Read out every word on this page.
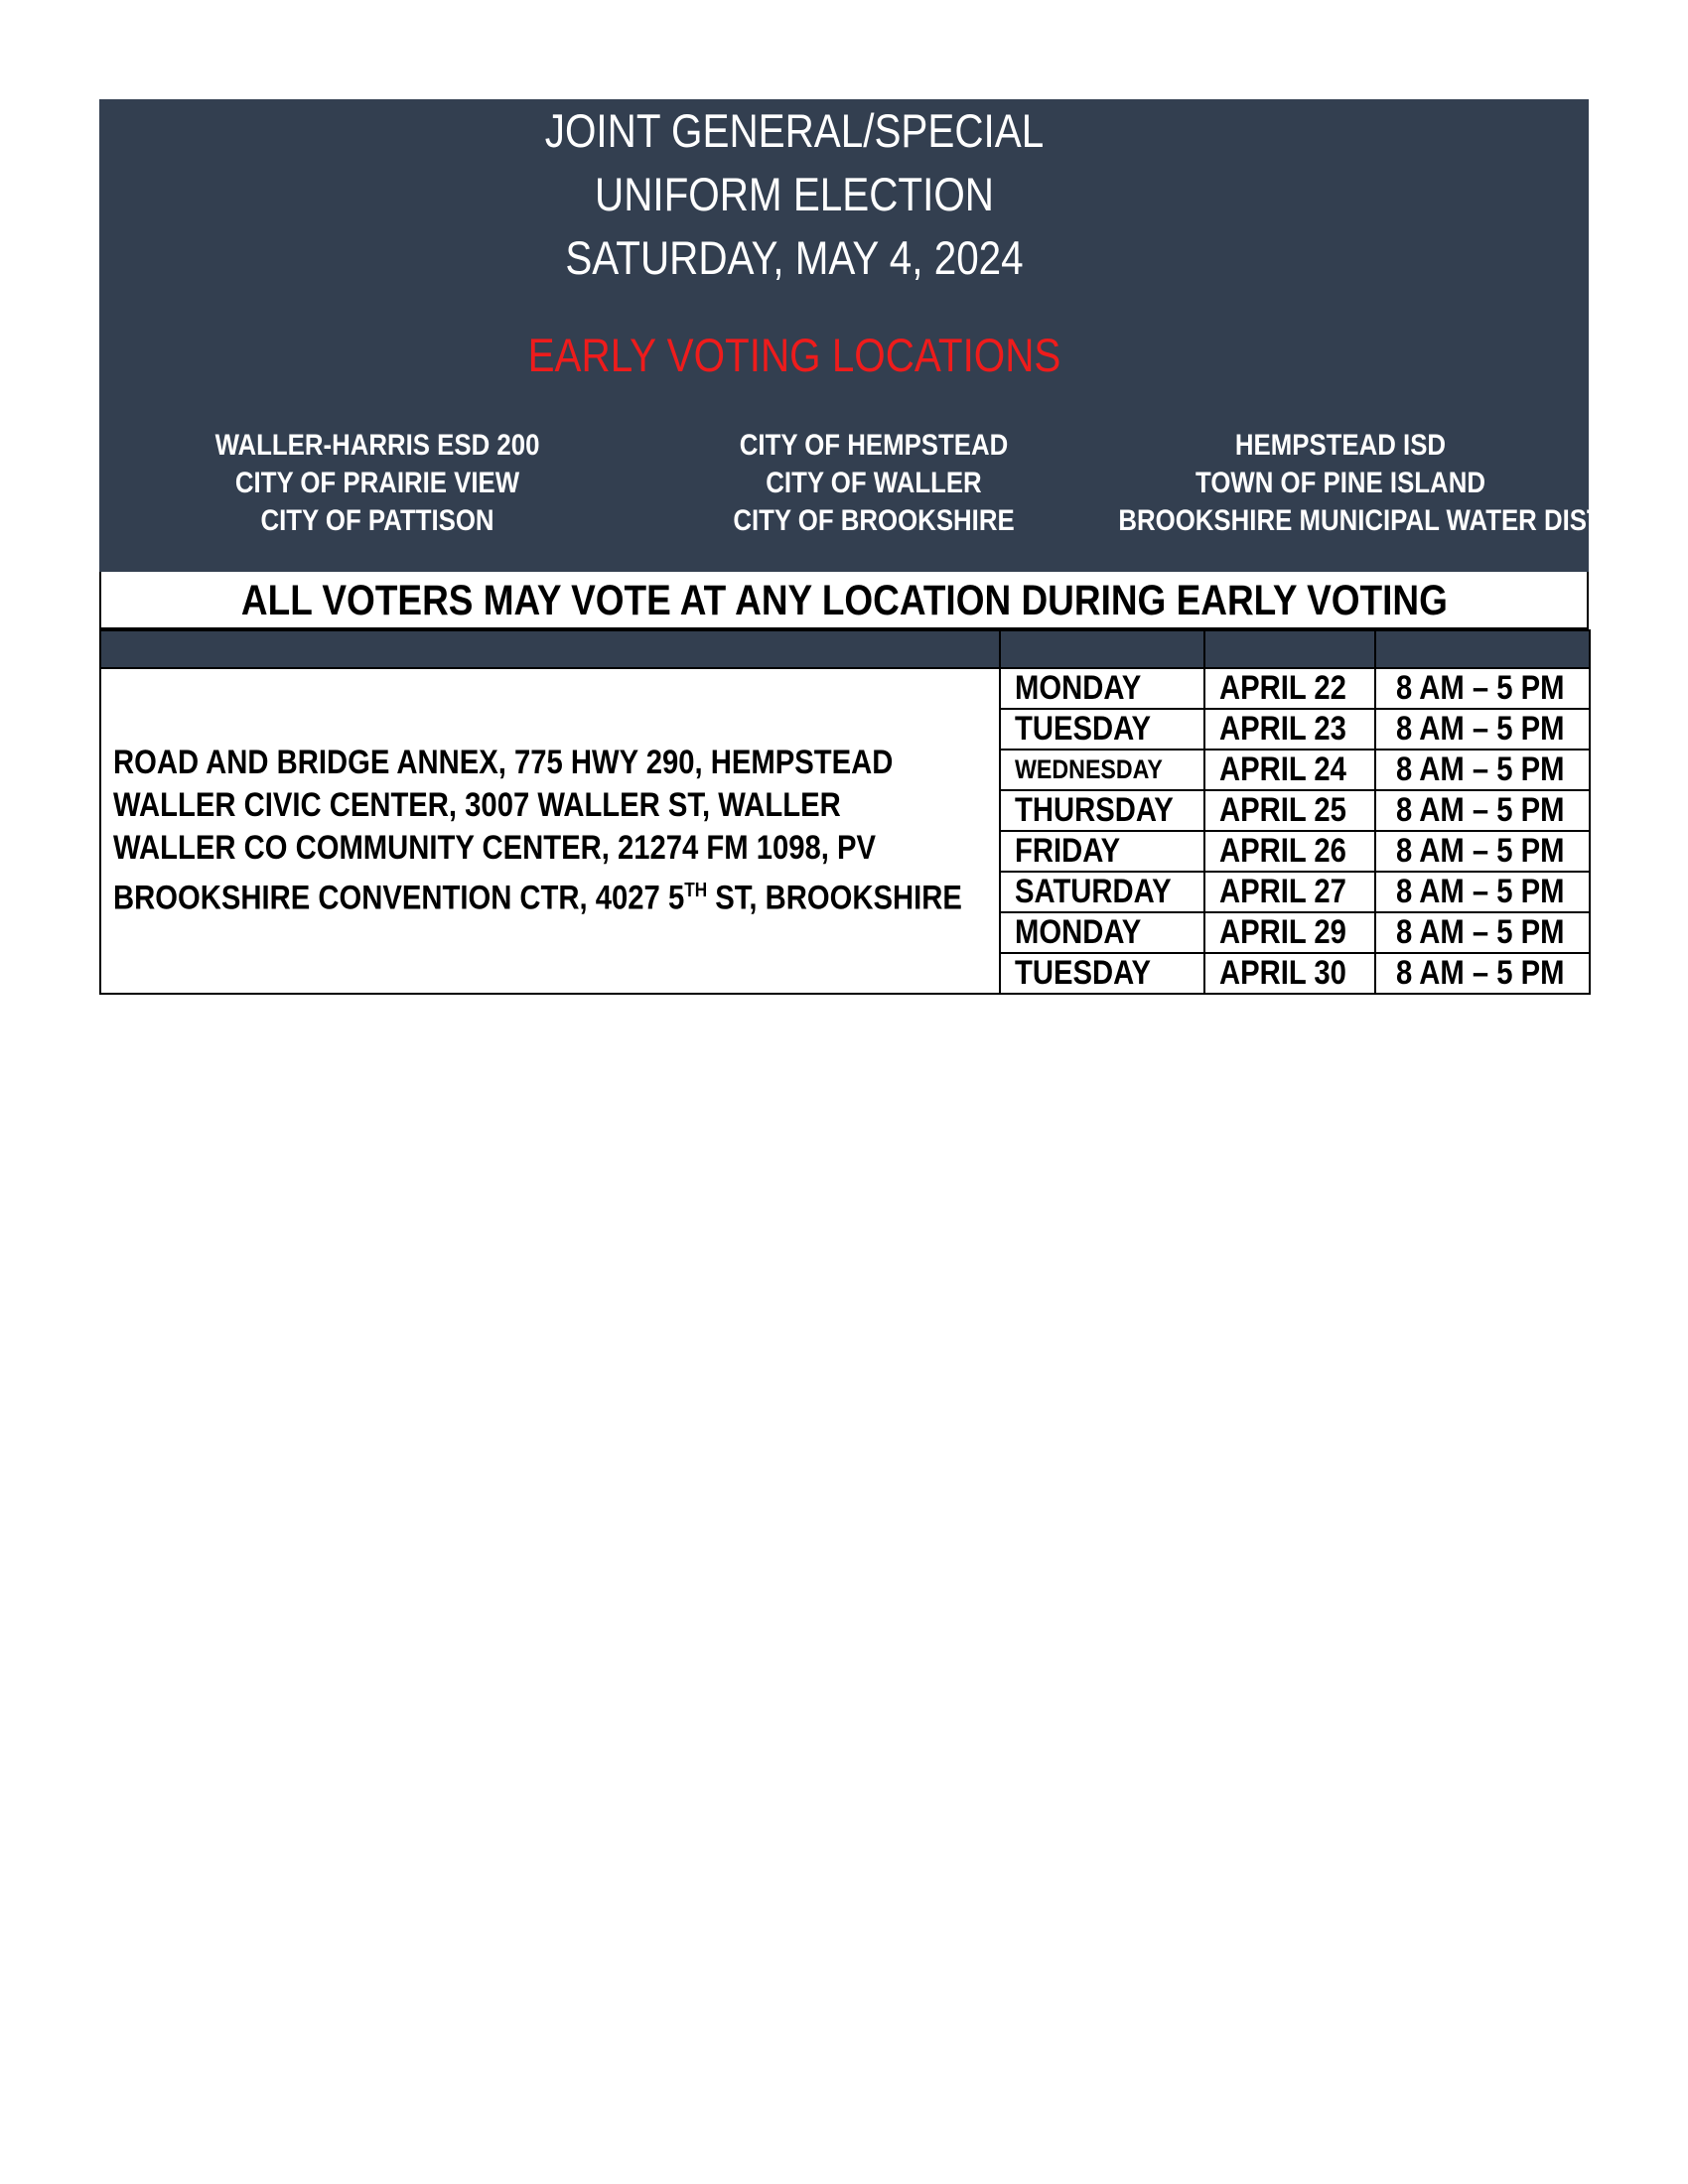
JOINT GENERAL/SPECIAL
UNIFORM ELECTION
SATURDAY, MAY 4, 2024
EARLY VOTING LOCATIONS
WALLER-HARRIS ESD 200
CITY OF PRAIRIE VIEW
CITY OF PATTISON
CITY OF HEMPSTEAD
CITY OF WALLER
CITY OF BROOKSHIRE
HEMPSTEAD ISD
TOWN OF PINE ISLAND
BROOKSHIRE MUNICIPAL WATER DIST
ALL VOTERS MAY VOTE AT ANY LOCATION DURING EARLY VOTING

ROAD AND BRIDGE ANNEX, 775 HWY 290, HEMPSTEAD
WALLER CIVIC CENTER, 3007 WALLER ST, WALLER
WALLER CO COMMUNITY CENTER, 21274 FM 1098, PV
BROOKSHIRE CONVENTION CTR, 4027 5TH ST, BROOKSHIRE	MONDAY	APRIL 22	8 AM – 5 PM
	TUESDAY	APRIL 23	8 AM – 5 PM
	WEDNESDAY	APRIL 24	8 AM – 5 PM
	THURSDAY	APRIL 25	8 AM – 5 PM
	FRIDAY	APRIL 26	8 AM – 5 PM
	SATURDAY	APRIL 27	8 AM – 5 PM
	MONDAY	APRIL 29	8 AM – 5 PM
	TUESDAY	APRIL 30	8 AM – 5 PM
